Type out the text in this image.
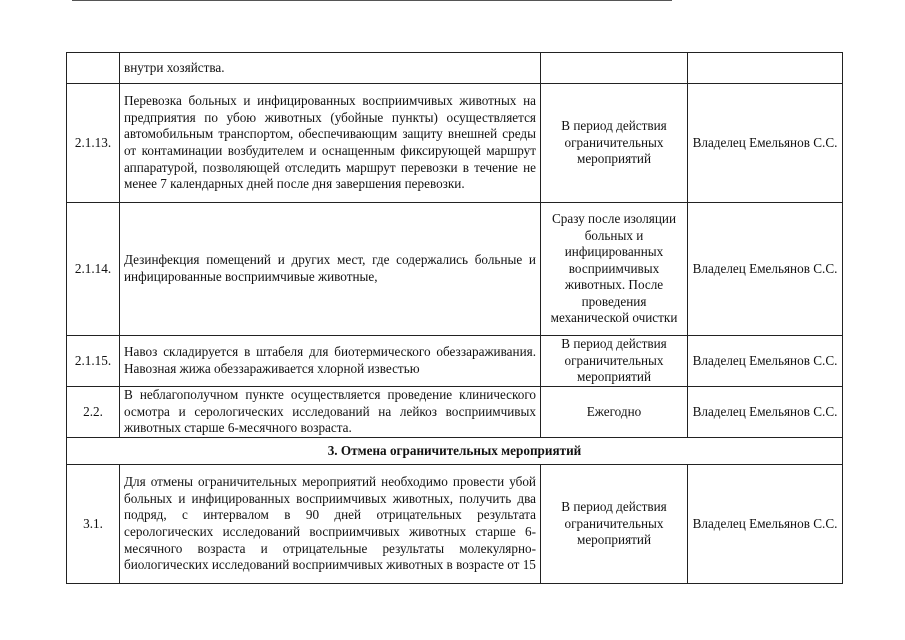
	внутри хозяйства.		
2.1.13.	Перевозка больных и инфицированных восприимчивых животных на предприятия по убою животных (убойные пункты) осуществляется автомобильным транспортом, обеспечивающим защиту внешней среды от контаминации возбудителем и оснащенным фиксирующей маршрут аппаратурой, позволяющей отследить маршрут перевозки в течение не менее 7 календарных дней после дня завершения перевозки.	В период действия ограничительных мероприятий	Владелец Емельянов С.С.
2.1.14.	Дезинфекция помещений и других мест, где содержались больные и инфицированные восприимчивые животные,	Сразу после изоляции больных и инфицированных восприимчивых животных. После проведения механической очистки	Владелец Емельянов С.С.
2.1.15.	Навоз складируется в штабеля для биотермического обеззараживания. Навозная жижа обеззараживается хлорной известью	В период действия ограничительных мероприятий	Владелец Емельянов С.С.
2.2.	В неблагополучном пункте осуществляется проведение клинического осмотра и серологических исследований на лейкоз восприимчивых животных старше 6-месячного возраста.	Ежегодно	Владелец Емельянов С.С.
3. Отмена ограничительных мероприятий			
3.1.	Для отмены ограничительных мероприятий необходимо провести убой больных и инфицированных восприимчивых животных, получить два подряд, с интервалом в 90 дней отрицательных результата серологических исследований восприимчивых животных старше 6-месячного возраста и отрицательные результаты молекулярно-биологических исследований восприимчивых животных в возрасте от 15	В период действия ограничительных мероприятий	Владелец Емельянов С.С.
